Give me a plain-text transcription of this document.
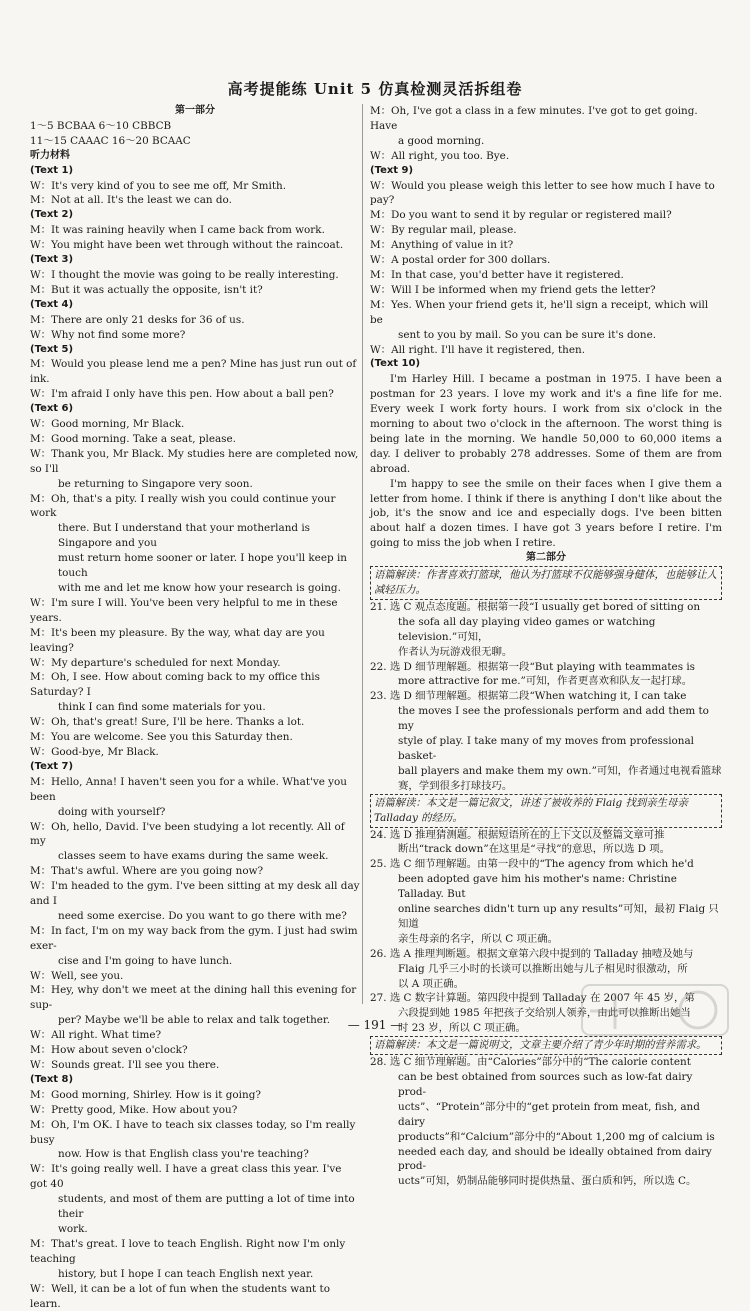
高考提能练 Unit 5 仿真检测灵活拆组卷

第一部分

1～5 BCBAA 6～10 CBBCB

11～15 CAAAC 16～20 BCAAC

听力材料

(Text 1)

W：It's very kind of you to see me off, Mr Smith.

M：Not at all. It's the least we can do.

(Text 2)

M：It was raining heavily when I came back from work.

W：You might have been wet through without the raincoat.

(Text 3)

W：I thought the movie was going to be really interesting.

M：But it was actually the opposite, isn't it?

(Text 4)

M：There are only 21 desks for 36 of us.

W：Why not find some more?

(Text 5)

M：Would you please lend me a pen? Mine has just run out of ink.

W：I'm afraid I only have this pen. How about a ball pen?

(Text 6)

W：Good morning, Mr Black.

M：Good morning. Take a seat, please.

W：Thank you, Mr Black. My studies here are completed now, so I'll

be returning to Singapore very soon.

M：Oh, that's a pity. I really wish you could continue your work

there. But I understand that your motherland is Singapore and you

must return home sooner or later. I hope you'll keep in touch

with me and let me know how your research is going.

W：I'm sure I will. You've been very helpful to me in these years.

M：It's been my pleasure. By the way, what day are you leaving?

W：My departure's scheduled for next Monday.

M：Oh, I see. How about coming back to my office this Saturday? I

think I can find some materials for you.

W：Oh, that's great! Sure, I'll be here. Thanks a lot.

M：You are welcome. See you this Saturday then.

W：Good-bye, Mr Black.

(Text 7)

M：Hello, Anna! I haven't seen you for a while. What've you been

doing with yourself?

W：Oh, hello, David. I've been studying a lot recently. All of my

classes seem to have exams during the same week.

M：That's awful. Where are you going now?

W：I'm headed to the gym. I've been sitting at my desk all day and I

need some exercise. Do you want to go there with me?

M：In fact, I'm on my way back from the gym. I just had swim exer-

cise and I'm going to have lunch.

W：Well, see you.

M：Hey, why don't we meet at the dining hall this evening for sup-

per? Maybe we'll be able to relax and talk together.

W：All right. What time?

M：How about seven o'clock?

W：Sounds great. I'll see you there.

(Text 8)

M：Good morning, Shirley. How is it going?

W：Pretty good, Mike. How about you?

M：Oh, I'm OK. I have to teach six classes today, so I'm really busy

now. How is that English class you're teaching?

W：It's going really well. I have a great class this year. I've got 40

students, and most of them are putting a lot of time into their

work.

M：That's great. I love to teach English. Right now I'm only teaching

history, but I hope I can teach English next year.

W：Well, it can be a lot of fun when the students want to learn.

M：Oh, I've got a class in a few minutes. I've got to get going. Have

a good morning.

W：All right, you too. Bye.

(Text 9)

W：Would you please weigh this letter to see how much I have to pay?

M：Do you want to send it by regular or registered mail?

W：By regular mail, please.

M：Anything of value in it?

W：A postal order for 300 dollars.

M：In that case, you'd better have it registered.

W：Will I be informed when my friend gets the letter?

M：Yes. When your friend gets it, he'll sign a receipt, which will be

sent to you by mail. So you can be sure it's done.

W：All right. I'll have it registered, then.

(Text 10)

I'm Harley Hill. I became a postman in 1975. I have been a postman for 23 years. I love my work and it's a fine life for me. Every week I work forty hours. I work from six o'clock in the morning to about two o'clock in the afternoon. The worst thing is being late in the morning. We handle 50,000 to 60,000 items a day. I deliver to probably 278 addresses. Some of them are from abroad.

I'm happy to see the smile on their faces when I give them a letter from home. I think if there is anything I don't like about the job, it's the snow and ice and especially dogs. I've been bitten about half a dozen times. I have got 3 years before I retire. I'm going to miss the job when I retire.

第二部分

语篇解读：作者喜欢打篮球，他认为打篮球不仅能够强身健体，也能够让人减轻压力。

21. 选 C 观点态度题。根据第一段“I usually get bored of sitting on

the sofa all day playing video games or watching television.”可知，

作者认为玩游戏很无聊。

22. 选 D 细节理解题。根据第一段“But playing with teammates is

more attractive for me.”可知，作者更喜欢和队友一起打球。

23. 选 D 细节理解题。根据第二段“When watching it, I can take

the moves I see the professionals perform and add them to my

style of play. I take many of my moves from professional basket-

ball players and make them my own.”可知，作者通过电视看篮球

赛，学到很多打球技巧。

语篇解读：本文是一篇记叙文，讲述了被收养的 Flaig 找到亲生母亲 Talladay 的经历。

24. 选 D 推理猜测题。根据短语所在的上下文以及整篇文章可推

断出“track down”在这里是“寻找”的意思，所以选 D 项。

25. 选 C 细节理解题。由第一段中的“The agency from which he'd

been adopted gave him his mother's name: Christine Talladay. But

online searches didn't turn up any results”可知，最初 Flaig 只知道

亲生母亲的名字，所以 C 项正确。

26. 选 A 推理判断题。根据文章第六段中提到的 Talladay 抽噎及她与

Flaig 几乎三小时的长谈可以推断出她与儿子相见时很激动，所

以 A 项正确。

27. 选 C 数字计算题。第四段中提到 Talladay 在 2007 年 45 岁，第

六段提到她 1985 年把孩子交给别人领养，由此可以推断出她当

时 23 岁，所以 C 项正确。

语篇解读：本文是一篇说明文，文章主要介绍了青少年时期的营养需求。

28. 选 C 细节理解题。由“Calories”部分中的“The calorie content

can be best obtained from sources such as low-fat dairy prod-

ucts”、“Protein”部分中的“get protein from meat, fish, and dairy

products”和“Calcium”部分中的“About 1,200 mg of calcium is

needed each day, and should be ideally obtained from dairy prod-

ucts”可知，奶制品能够同时提供热量、蛋白质和钙，所以选 C。

— 191 —
